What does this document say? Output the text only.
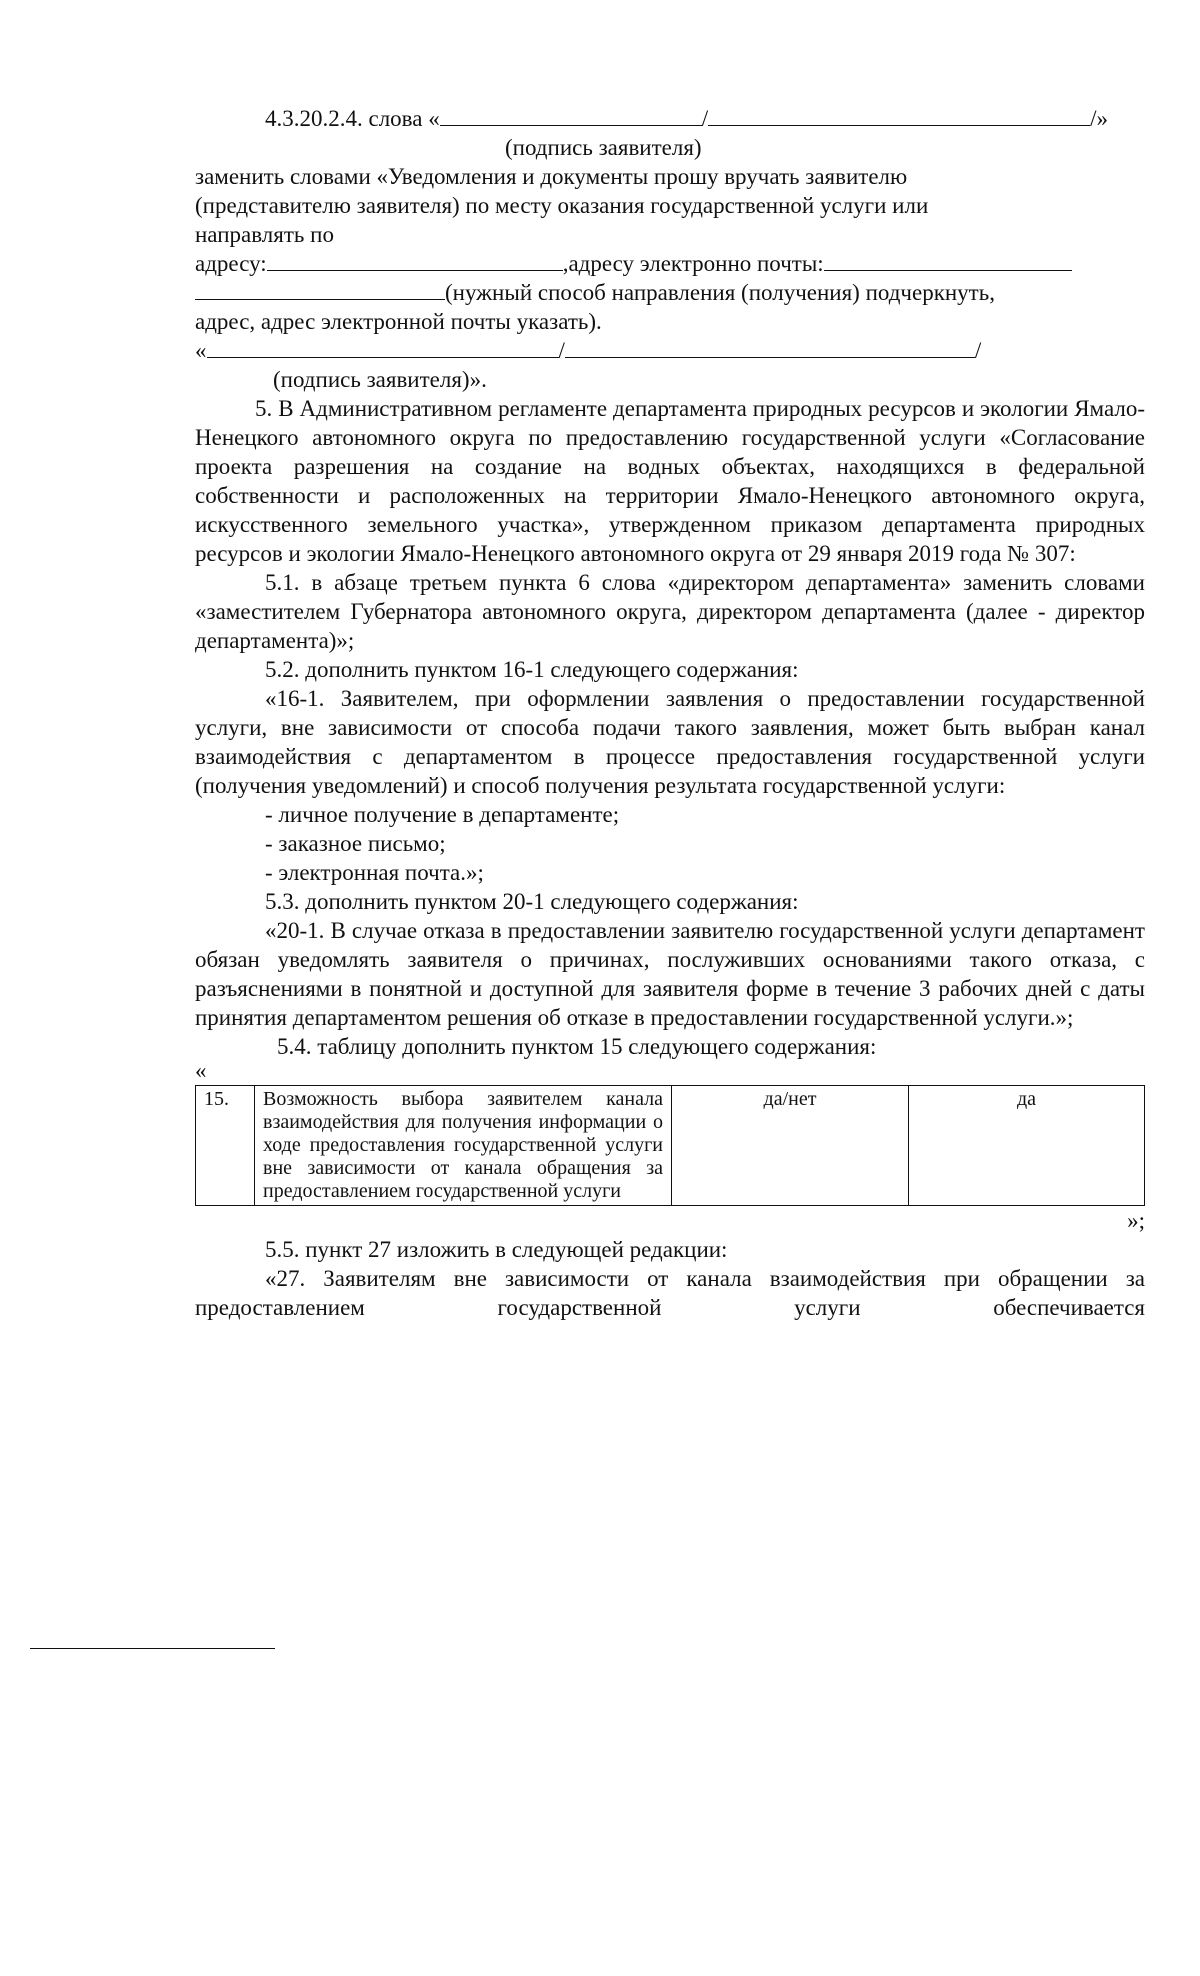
4.3.20.2.4. слова «	/	/»

(подпись заявителя)

заменить словами «Уведомления и документы прошу вручать заявителю

(представителю заявителя) по месту оказания государственной услуги или

направлять по

адресу:	,адресу электронно почты:

(нужный способ направления (получения) подчеркнуть,

адрес, адрес электронной почты указать).

«	/	/

(подпись заявителя)».

5. В Административном регламенте департамента природных ресурсов и экологии Ямало-Ненецкого автономного округа по предоставлению государственной услуги «Согласование проекта разрешения на создание на водных объектах, находящихся в федеральной собственности и расположенных на территории Ямало-Ненецкого автономного округа, искусственного земельного участка», утвержденном приказом департамента природных ресурсов и экологии Ямало-Ненецкого автономного округа от 29 января 2019 года № 307:

5.1. в абзаце третьем пункта 6 слова «директором департамента» заменить словами «заместителем Губернатора автономного округа, директором департамента (далее - директор департамента)»;

5.2. дополнить пунктом 16-1 следующего содержания:

«16-1. Заявителем, при оформлении заявления о предоставлении государственной услуги, вне зависимости от способа подачи такого заявления, может быть выбран канал взаимодействия с департаментом в процессе предоставления государственной услуги (получения уведомлений) и способ получения результата государственной услуги:

- личное получение в департаменте;

- заказное письмо;

- электронная почта.»;

5.3. дополнить пунктом 20-1 следующего содержания:

«20-1. В случае отказа в предоставлении заявителю государственной услуги департамент обязан уведомлять заявителя о причинах, послуживших основаниями такого отказа, с разъяснениями в понятной и доступной для заявителя форме в течение 3 рабочих дней с даты принятия департаментом решения об отказе в предоставлении государственной услуги.»;

5.4. таблицу дополнить пунктом 15 следующего содержания:

«

15.	Возможность выбора заявителем канала взаимодействия для получения информации о ходе предоставления государственной услуги вне зависимости от канала обращения за предоставлением государственной услуги	да/нет	да

»;

5.5. пункт 27 изложить в следующей редакции:

«27. Заявителям вне зависимости от канала взаимодействия при обращении за предоставлением государственной услуги обеспечивается
